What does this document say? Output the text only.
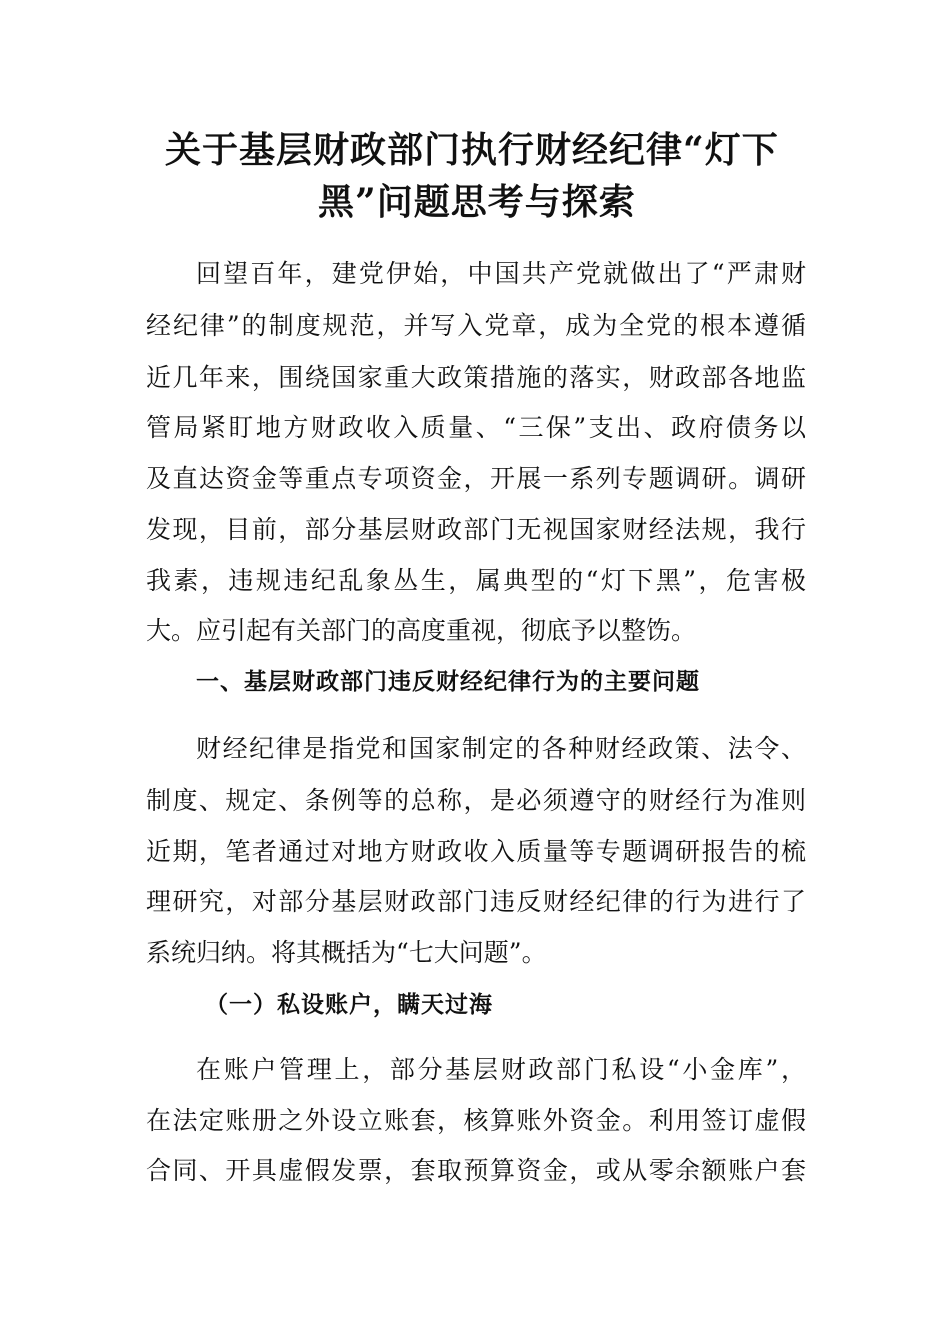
关于基层财政部门执行财经纪律“灯下
黑”问题思考与探索

回望百年，建党伊始，中国共产党就做出了“严肃财

经纪律”的制度规范，并写入党章，成为全党的根本遵循

近几年来，围绕国家重大政策措施的落实，财政部各地监

管局紧盯地方财政收入质量、“三保”支出、政府债务以

及直达资金等重点专项资金，开展一系列专题调研。调研

发现，目前，部分基层财政部门无视国家财经法规，我行

我素，违规违纪乱象丛生，属典型的“灯下黑”，危害极

大。应引起有关部门的高度重视，彻底予以整饬。

一、基层财政部门违反财经纪律行为的主要问题

财经纪律是指党和国家制定的各种财经政策、法令、

制度、规定、条例等的总称，是必须遵守的财经行为准则

近期，笔者通过对地方财政收入质量等专题调研报告的梳

理研究，对部分基层财政部门违反财经纪律的行为进行了

系统归纳。将其概括为“七大问题”。

（一）私设账户，瞒天过海

在账户管理上，部分基层财政部门私设“小金库”，

在法定账册之外设立账套，核算账外资金。利用签订虚假

合同、开具虚假发票，套取预算资金，或从零余额账户套
